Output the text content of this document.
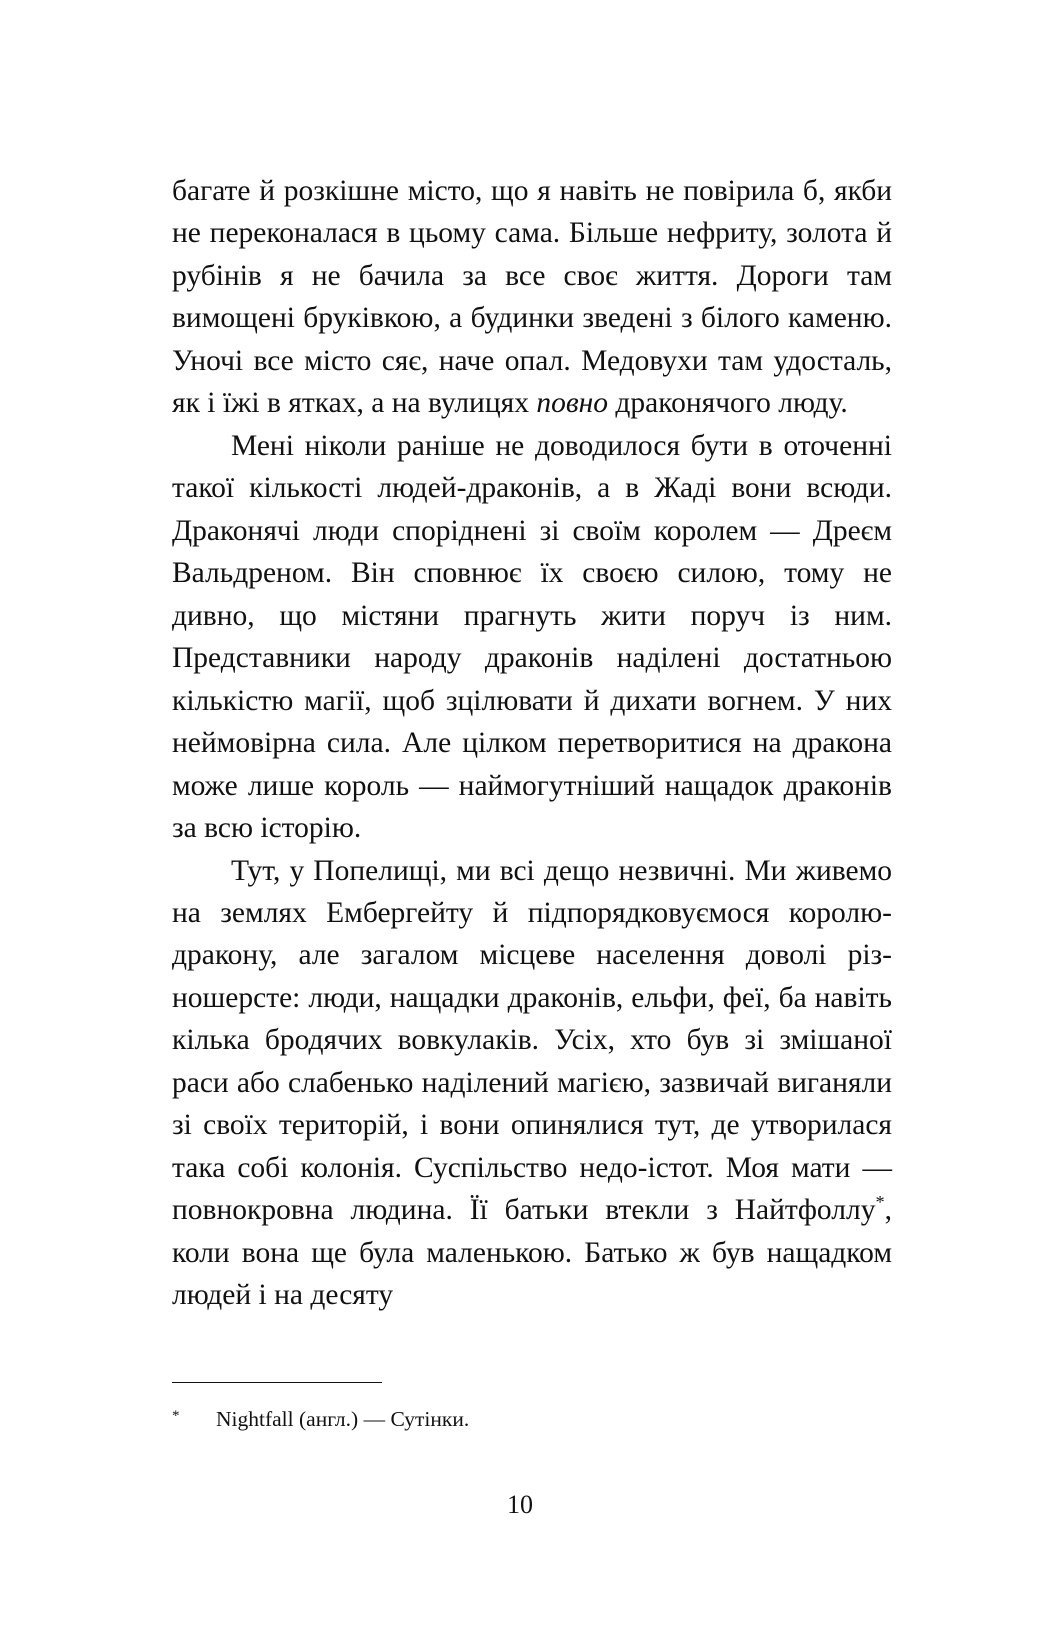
багате й розкішне місто, що я навіть не повірила б, якби не переконалася в цьому сама. Більше нефриту, золота й рубінів я не бачила за все своє життя. Дороги там вимощені бруківкою, а будинки зведені з білого каменю. Уночі все місто сяє, наче опал. Медовухи там удосталь, як і їжі в ятках, а на вулицях повно драконячого люду.

Мені ніколи раніше не доводилося бути в оточенні такої кількості людей-драконів, а в Жаді вони всюди. Драконячі люди споріднені зі своїм королем — Дреєм Вальдреном. Він сповнює їх своєю силою, тому не дивно, що містяни прагнуть жити поруч із ним. Представники народу драконів наділені достатньою кількістю магії, щоб зцілювати й дихати вогнем. У них неймовірна сила. Але цілком перетворитися на дракона може лише король — наймогутніший нащадок драконів за всю історію.

Тут, у Попелищі, ми всі дещо незвичні. Ми живемо на землях Ембергейту й підпорядковуємося королю-дракону, але загалом місцеве населення доволі різношерсте: люди, нащадки драконів, ельфи, феї, ба навіть кілька бродячих вовкулаків. Усіх, хто був зі змішаної раси або слабенько наділений магією, зазвичай виганяли зі своїх територій, і вони опинялися тут, де утворилася така собі колонія. Суспільство недо-істот. Моя мати — повнокровна людина. Її батьки втекли з Найтфоллу*, коли вона ще була маленькою. Батько ж був нащадком людей і на десяту

*	Nightfall (англ.) — Сутінки.
10
